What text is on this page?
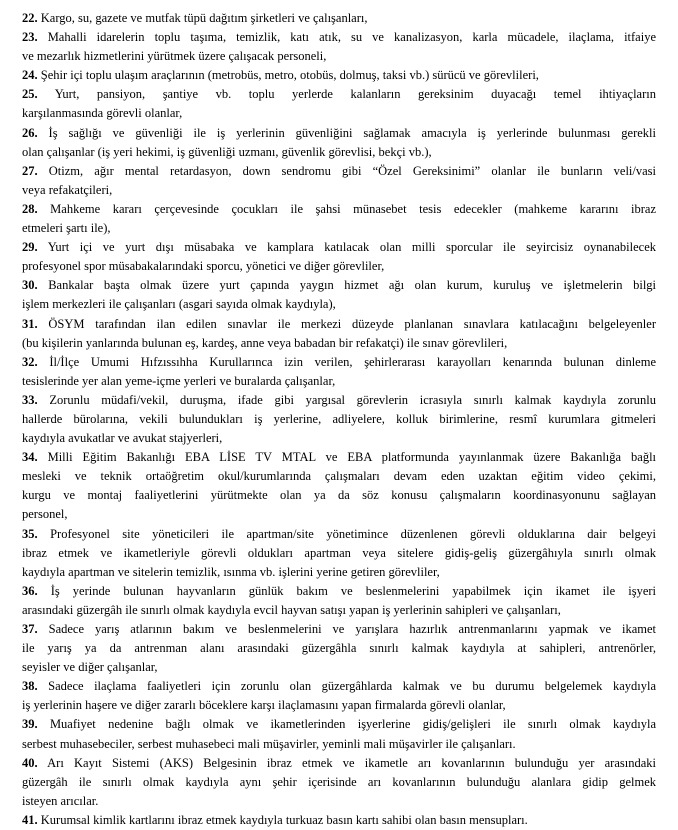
22. Kargo, su, gazete ve mutfak tüpü dağıtım şirketleri ve çalışanları,
23. Mahalli idarelerin toplu taşıma, temizlik, katı atık, su ve kanalizasyon, karla mücadele, ilaçlama, itfaiye
ve mezarlık hizmetlerini yürütmek üzere çalışacak personeli,
24. Şehir içi toplu ulaşım araçlarının (metrobüs, metro, otobüs, dolmuş, taksi vb.) sürücü ve görevlileri,
25. Yurt, pansiyon, şantiye vb. toplu yerlerde kalanların gereksinim duyacağı temel ihtiyaçların
karşılanmasında görevli olanlar,
26. İş sağlığı ve güvenliği ile iş yerlerinin güvenliğini sağlamak amacıyla iş yerlerinde bulunması gerekli
olan çalışanlar (iş yeri hekimi, iş güvenliği uzmanı, güvenlik görevlisi, bekçi vb.),
27. Otizm, ağır mental retardasyon, down sendromu gibi “Özel Gereksinimi” olanlar ile bunların veli/vasi
veya refakatçileri,
28. Mahkeme kararı çerçevesinde çocukları ile şahsi münasebet tesis edecekler (mahkeme kararını ibraz
etmeleri şartı ile),
29. Yurt içi ve yurt dışı müsabaka ve kamplara katılacak olan milli sporcular ile seyircisiz oynanabilecek
profesyonel spor müsabakalarındaki sporcu, yönetici ve diğer görevliler,
30. Bankalar başta olmak üzere yurt çapında yaygın hizmet ağı olan kurum, kuruluş ve işletmelerin bilgi
işlem merkezleri ile çalışanları (asgari sayıda olmak kaydıyla),
31. ÖSYM tarafından ilan edilen sınavlar ile merkezi düzeyde planlanan sınavlara katılacağını belgeleyenler
(bu kişilerin yanlarında bulunan eş, kardeş, anne veya babadan bir refakatçi) ile sınav görevlileri,
32. İl/İlçe Umumi Hıfzıssıhha Kurullarınca izin verilen, şehirlerarası karayolları kenarında bulunan dinleme
tesislerinde yer alan yeme-içme yerleri ve buralarda çalışanlar,
33. Zorunlu müdafi/vekil, duruşma, ifade gibi yargısal görevlerin icrasıyla sınırlı kalmak kaydıyla zorunlu
hallerde bürolarına, vekili bulundukları iş yerlerine, adliyelere, kolluk birimlerine, resmî kurumlara gitmeleri
kaydıyla avukatlar ve avukat stajyerleri,
34. Milli Eğitim Bakanlığı EBA LİSE TV MTAL ve EBA platformunda yayınlanmak üzere Bakanlığa bağlı
mesleki ve teknik ortaöğretim okul/kurumlarında çalışmaları devam eden uzaktan eğitim video çekimi,
kurgu ve montaj faaliyetlerini yürütmekte olan ya da söz konusu çalışmaların koordinasyonunu sağlayan
personel,
35. Profesyonel site yöneticileri ile apartman/site yönetimince düzenlenen görevli olduklarına dair belgeyi
ibraz etmek ve ikametleriyle görevli oldukları apartman veya sitelere gidiş-geliş güzergâhıyla sınırlı olmak
kaydıyla apartman ve sitelerin temizlik, ısınma vb. işlerini yerine getiren görevliler,
36. İş yerinde bulunan hayvanların günlük bakım ve beslenmelerini yapabilmek için ikamet ile işyeri
arasındaki güzergâh ile sınırlı olmak kaydıyla evcil hayvan satışı yapan iş yerlerinin sahipleri ve çalışanları,
37. Sadece yarış atlarının bakım ve beslenmelerini ve yarışlara hazırlık antrenmanlarını yapmak ve ikamet
ile yarış ya da antrenman alanı arasındaki güzergâhla sınırlı kalmak kaydıyla at sahipleri, antrenörler,
seyisler ve diğer çalışanlar,
38. Sadece ilaçlama faaliyetleri için zorunlu olan güzergâhlarda kalmak ve bu durumu belgelemek kaydıyla
iş yerlerinin haşere ve diğer zararlı böceklere karşı ilaçlamasını yapan firmalarda görevli olanlar,
39. Muafiyet nedenine bağlı olmak ve ikametlerinden işyerlerine gidiş/gelişleri ile sınırlı olmak kaydıyla
serbest muhasebeciler, serbest muhasebeci mali müşavirler, yeminli mali müşavirler ile çalışanları.
40. Arı Kayıt Sistemi (AKS) Belgesinin ibraz etmek ve ikametle arı kovanlarının bulunduğu yer arasındaki
güzergâh ile sınırlı olmak kaydıyla aynı şehir içerisinde arı kovanlarının bulunduğu alanlara gidip gelmek
isteyen arıcılar.
41. Kurumsal kimlik kartlarını ibraz etmek kaydıyla turkuaz basın kartı sahibi olan basın mensupları.
